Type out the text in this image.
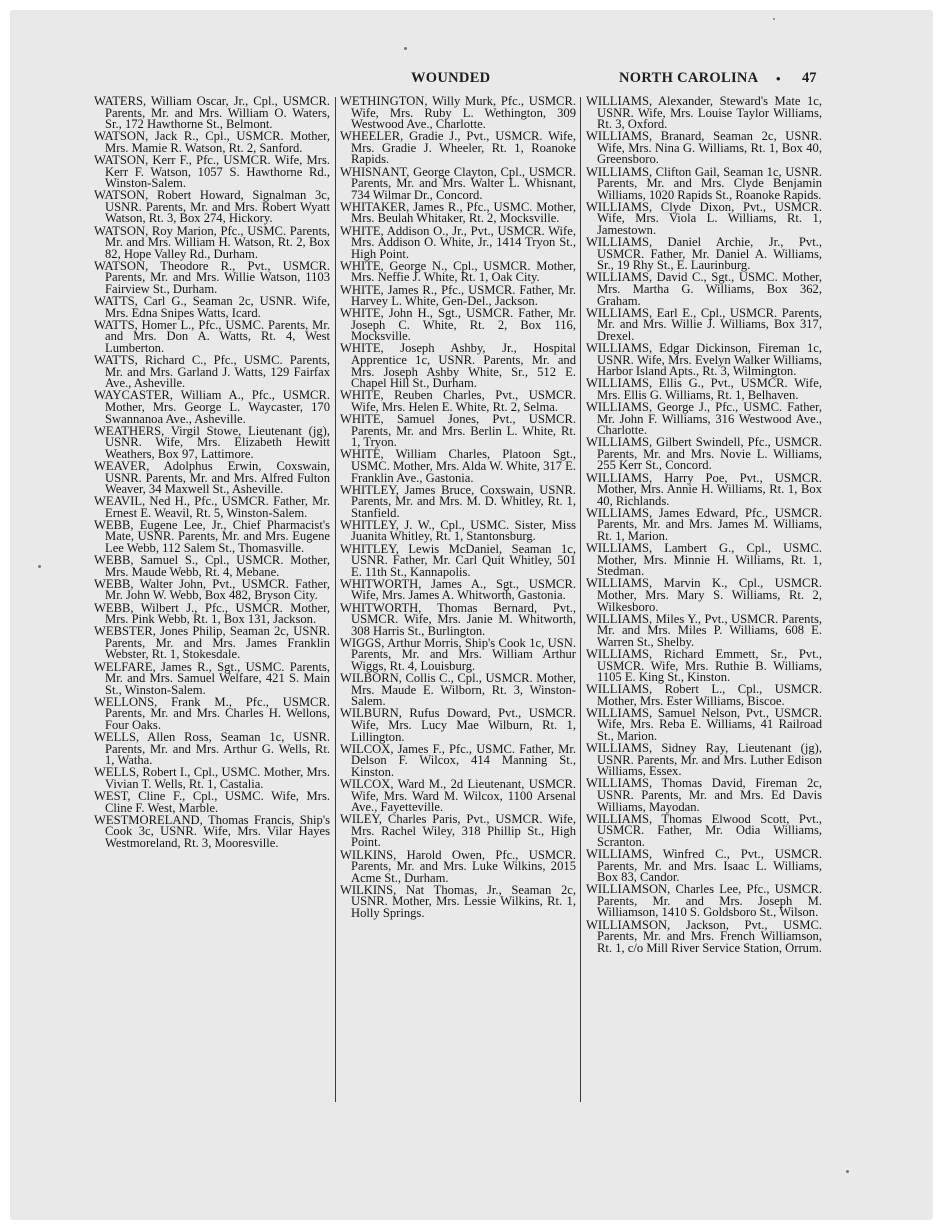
WOUNDED	NORTH CAROLINA • 47

WATERS, William Oscar, Jr., Cpl., USMCR. Parents, Mr. and Mrs. William O. Waters, Sr., 172 Hawthorne St., Belmont.

WATSON, Jack R., Cpl., USMCR. Mother, Mrs. Mamie R. Watson, Rt. 2, Sanford.

WATSON, Kerr F., Pfc., USMCR. Wife, Mrs. Kerr F. Watson, 1057 S. Hawthorne Rd., Winston-Salem.

WATSON, Robert Howard, Signalman 3c, USNR. Parents, Mr. and Mrs. Robert Wyatt Watson, Rt. 3, Box 274, Hickory.

WATSON, Roy Marion, Pfc., USMC. Parents, Mr. and Mrs. William H. Watson, Rt. 2, Box 82, Hope Valley Rd., Durham.

WATSON, Theodore R., Pvt., USMCR. Parents, Mr. and Mrs. Willie Watson, 1103 Fairview St., Durham.

WATTS, Carl G., Seaman 2c, USNR. Wife, Mrs. Edna Snipes Watts, Icard.

WATTS, Homer L., Pfc., USMC. Parents, Mr. and Mrs. Don A. Watts, Rt. 4, West Lumberton.

WATTS, Richard C., Pfc., USMC. Parents, Mr. and Mrs. Garland J. Watts, 129 Fairfax Ave., Asheville.

WAYCASTER, William A., Pfc., USMCR. Mother, Mrs. George L. Waycaster, 170 Swannanoa Ave., Asheville.

WEATHERS, Virgil Stowe, Lieutenant (jg), USNR. Wife, Mrs. Elizabeth Hewitt Weathers, Box 97, Lattimore.

WEAVER, Adolphus Erwin, Coxswain, USNR. Parents, Mr. and Mrs. Alfred Fulton Weaver, 34 Maxwell St., Asheville.

WEAVIL, Ned H., Pfc., USMCR. Father, Mr. Ernest E. Weavil, Rt. 5, Winston-Salem.

WEBB, Eugene Lee, Jr., Chief Pharmacist's Mate, USNR. Parents, Mr. and Mrs. Eugene Lee Webb, 112 Salem St., Thomasville.

WEBB, Samuel S., Cpl., USMCR. Mother, Mrs. Maude Webb, Rt. 4, Mebane.

WEBB, Walter John, Pvt., USMCR. Father, Mr. John W. Webb, Box 482, Bryson City.

WEBB, Wilbert J., Pfc., USMCR. Mother, Mrs. Pink Webb, Rt. 1, Box 131, Jackson.

WEBSTER, Jones Philip, Seaman 2c, USNR. Parents, Mr. and Mrs. James Franklin Webster, Rt. 1, Stokesdale.

WELFARE, James R., Sgt., USMC. Parents, Mr. and Mrs. Samuel Welfare, 421 S. Main St., Winston-Salem.

WELLONS, Frank M., Pfc., USMCR. Parents, Mr. and Mrs. Charles H. Wellons, Four Oaks.

WELLS, Allen Ross, Seaman 1c, USNR. Parents, Mr. and Mrs. Arthur G. Wells, Rt. 1, Watha.

WELLS, Robert I., Cpl., USMC. Mother, Mrs. Vivian T. Wells, Rt. 1, Castalia.

WEST, Cline F., Cpl., USMC. Wife, Mrs. Cline F. West, Marble.

WESTMORELAND, Thomas Francis, Ship's Cook 3c, USNR. Wife, Mrs. Vilar Hayes Westmoreland, Rt. 3, Mooresville.

WETHINGTON, Willy Murk, Pfc., USMCR. Wife, Mrs. Ruby L. Wethington, 309 Westwood Ave., Charlotte.

WHEELER, Gradie J., Pvt., USMCR. Wife, Mrs. Gradie J. Wheeler, Rt. 1, Roanoke Rapids.

WHISNANT, George Clayton, Cpl., USMCR. Parents, Mr. and Mrs. Walter L. Whisnant, 734 Wilmar Dr., Concord.

WHITAKER, James R., Pfc., USMC. Mother, Mrs. Beulah Whitaker, Rt. 2, Mocksville.

WHITE, Addison O., Jr., Pvt., USMCR. Wife, Mrs. Addison O. White, Jr., 1414 Tryon St., High Point.

WHITE, George N., Cpl., USMCR. Mother, Mrs. Neffie J. White, Rt. 1, Oak City.

WHITE, James R., Pfc., USMCR. Father, Mr. Harvey L. White, Gen-Del., Jackson.

WHITE, John H., Sgt., USMCR. Father, Mr. Joseph C. White, Rt. 2, Box 116, Mocksville.

WHITE, Joseph Ashby, Jr., Hospital Apprentice 1c, USNR. Parents, Mr. and Mrs. Joseph Ashby White, Sr., 512 E. Chapel Hill St., Durham.

WHITE, Reuben Charles, Pvt., USMCR. Wife, Mrs. Helen E. White, Rt. 2, Selma.

WHITE, Samuel Jones, Pvt., USMCR. Parents, Mr. and Mrs. Berlin L. White, Rt. 1, Tryon.

WHITE, William Charles, Platoon Sgt., USMC. Mother, Mrs. Alda W. White, 317 E. Franklin Ave., Gastonia.

WHITLEY, James Bruce, Coxswain, USNR. Parents, Mr. and Mrs. M. D. Whitley, Rt. 1, Stanfield.

WHITLEY, J. W., Cpl., USMC. Sister, Miss Juanita Whitley, Rt. 1, Stantonsburg.

WHITLEY, Lewis McDaniel, Seaman 1c, USNR. Father, Mr. Carl Quit Whitley, 501 E. 11th St., Kannapolis.

WHITWORTH, James A., Sgt., USMCR. Wife, Mrs. James A. Whitworth, Gastonia.

WHITWORTH, Thomas Bernard, Pvt., USMCR. Wife, Mrs. Janie M. Whitworth, 308 Harris St., Burlington.

WIGGS, Arthur Morris, Ship's Cook 1c, USN. Parents, Mr. and Mrs. William Arthur Wiggs, Rt. 4, Louisburg.

WILBORN, Collis C., Cpl., USMCR. Mother, Mrs. Maude E. Wilborn, Rt. 3, Winston-Salem.

WILBURN, Rufus Doward, Pvt., USMCR. Wife, Mrs. Lucy Mae Wilburn, Rt. 1, Lillington.

WILCOX, James F., Pfc., USMC. Father, Mr. Delson F. Wilcox, 414 Manning St., Kinston.

WILCOX, Ward M., 2d Lieutenant, USMCR. Wife, Mrs. Ward M. Wilcox, 1100 Arsenal Ave., Fayetteville.

WILEY, Charles Paris, Pvt., USMCR. Wife, Mrs. Rachel Wiley, 318 Phillip St., High Point.

WILKINS, Harold Owen, Pfc., USMCR. Parents, Mr. and Mrs. Luke Wilkins, 2015 Acme St., Durham.

WILKINS, Nat Thomas, Jr., Seaman 2c, USNR. Mother, Mrs. Lessie Wilkins, Rt. 1, Holly Springs.

WILLIAMS, Alexander, Steward's Mate 1c, USNR. Wife, Mrs. Louise Taylor Williams, Rt. 3, Oxford.

WILLIAMS, Branard, Seaman 2c, USNR. Wife, Mrs. Nina G. Williams, Rt. 1, Box 40, Greensboro.

WILLIAMS, Clifton Gail, Seaman 1c, USNR. Parents, Mr. and Mrs. Clyde Benjamin Williams, 1020 Rapids St., Roanoke Rapids.

WILLIAMS, Clyde Dixon, Pvt., USMCR. Wife, Mrs. Viola L. Williams, Rt. 1, Jamestown.

WILLIAMS, Daniel Archie, Jr., Pvt., USMCR. Father, Mr. Daniel A. Williams, Sr., 19 Rhy St., E. Laurinburg.

WILLIAMS, David C., Sgt., USMC. Mother, Mrs. Martha G. Williams, Box 362, Graham.

WILLIAMS, Earl E., Cpl., USMCR. Parents, Mr. and Mrs. Willie J. Williams, Box 317, Drexel.

WILLIAMS, Edgar Dickinson, Fireman 1c, USNR. Wife, Mrs. Evelyn Walker Williams, Harbor Island Apts., Rt. 3, Wilmington.

WILLIAMS, Ellis G., Pvt., USMCR. Wife, Mrs. Ellis G. Williams, Rt. 1, Belhaven.

WILLIAMS, George J., Pfc., USMC. Father, Mr. John F. Williams, 316 Westwood Ave., Charlotte.

WILLIAMS, Gilbert Swindell, Pfc., USMCR. Parents, Mr. and Mrs. Novie L. Williams, 255 Kerr St., Concord.

WILLIAMS, Harry Poe, Pvt., USMCR. Mother, Mrs. Annie H. Williams, Rt. 1, Box 40, Richlands.

WILLIAMS, James Edward, Pfc., USMCR. Parents, Mr. and Mrs. James M. Williams, Rt. 1, Marion.

WILLIAMS, Lambert G., Cpl., USMC. Mother, Mrs. Minnie H. Williams, Rt. 1, Stedman.

WILLIAMS, Marvin K., Cpl., USMCR. Mother, Mrs. Mary S. Williams, Rt. 2, Wilkesboro.

WILLIAMS, Miles Y., Pvt., USMCR. Parents, Mr. and Mrs. Miles P. Williams, 608 E. Warren St., Shelby.

WILLIAMS, Richard Emmett, Sr., Pvt., USMCR. Wife, Mrs. Ruthie B. Williams, 1105 E. King St., Kinston.

WILLIAMS, Robert L., Cpl., USMCR. Mother, Mrs. Ester Williams, Biscoe.

WILLIAMS, Samuel Nelson, Pvt., USMCR. Wife, Mrs. Reba E. Williams, 41 Railroad St., Marion.

WILLIAMS, Sidney Ray, Lieutenant (jg), USNR. Parents, Mr. and Mrs. Luther Edison Williams, Essex.

WILLIAMS, Thomas David, Fireman 2c, USNR. Parents, Mr. and Mrs. Ed Davis Williams, Mayodan.

WILLIAMS, Thomas Elwood Scott, Pvt., USMCR. Father, Mr. Odia Williams, Scranton.

WILLIAMS, Winfred C., Pvt., USMCR. Parents, Mr. and Mrs. Isaac L. Williams, Box 83, Candor.

WILLIAMSON, Charles Lee, Pfc., USMCR. Parents, Mr. and Mrs. Joseph M. Williamson, 1410 S. Goldsboro St., Wilson.

WILLIAMSON, Jackson, Pvt., USMC. Parents, Mr. and Mrs. French Williamson, Rt. 1, c/o Mill River Service Station, Orrum.
